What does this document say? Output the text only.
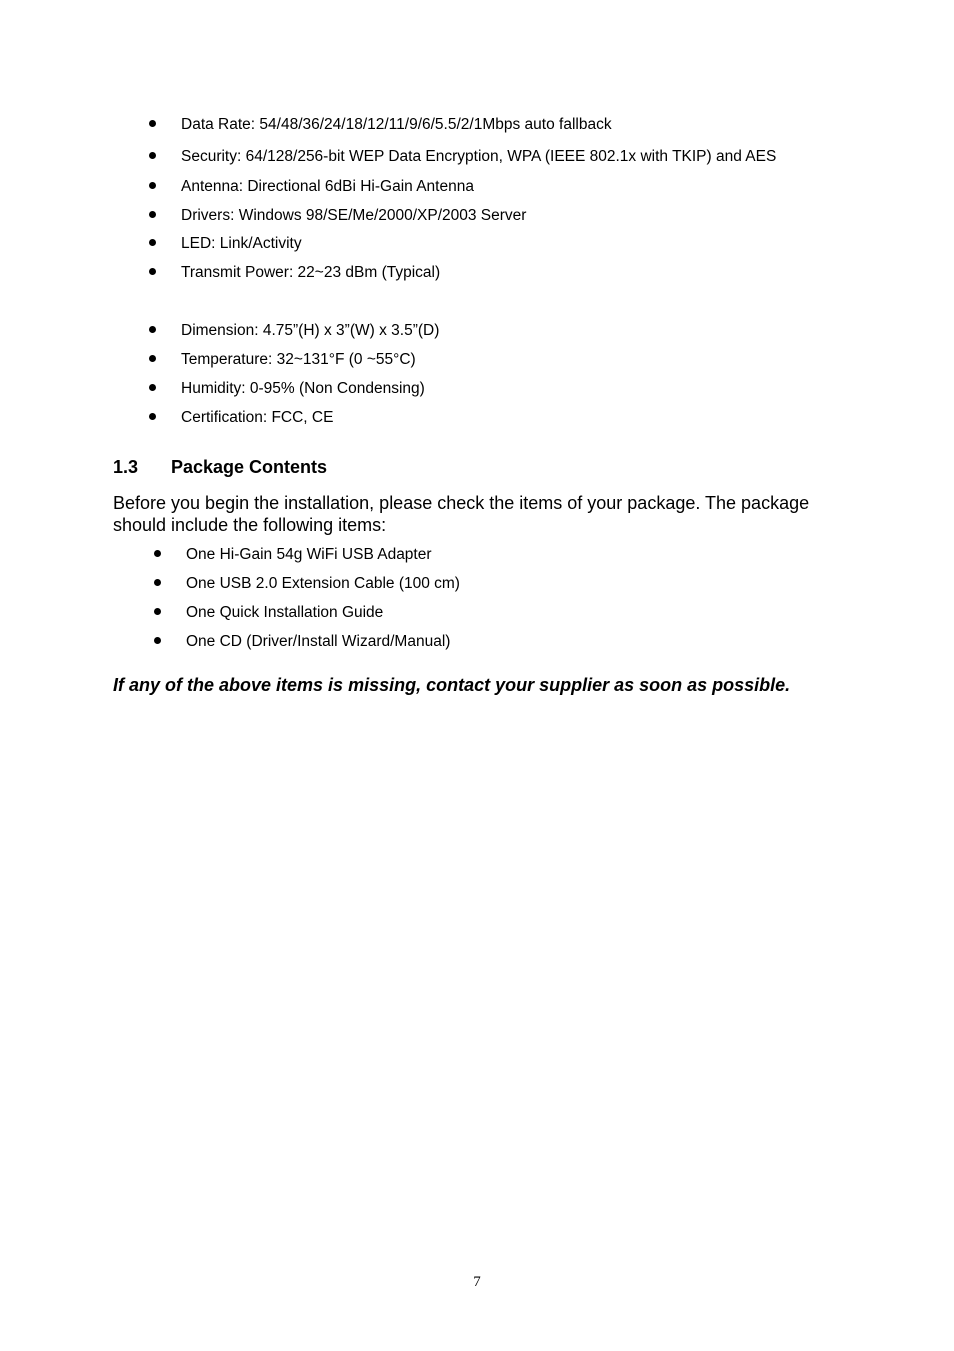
Data Rate: 54/48/36/24/18/12/11/9/6/5.5/2/1Mbps auto fallback
Security: 64/128/256-bit WEP Data Encryption, WPA (IEEE 802.1x with TKIP) and AES
Antenna: Directional 6dBi Hi-Gain Antenna
Drivers: Windows 98/SE/Me/2000/XP/2003 Server
LED: Link/Activity
Transmit Power: 22~23 dBm (Typical)
Dimension: 4.75”(H) x 3”(W) x 3.5”(D)
Temperature: 32~131°F (0 ~55°C)
Humidity: 0-95% (Non Condensing)
Certification: FCC, CE
1.3 Package Contents

Before you begin the installation, please check the items of your package. The package should include the following items:

One Hi-Gain 54g WiFi USB Adapter
One USB 2.0 Extension Cable (100 cm)
One Quick Installation Guide
One CD (Driver/Install Wizard/Manual)

If any of the above items is missing, contact your supplier as soon as possible.

7
